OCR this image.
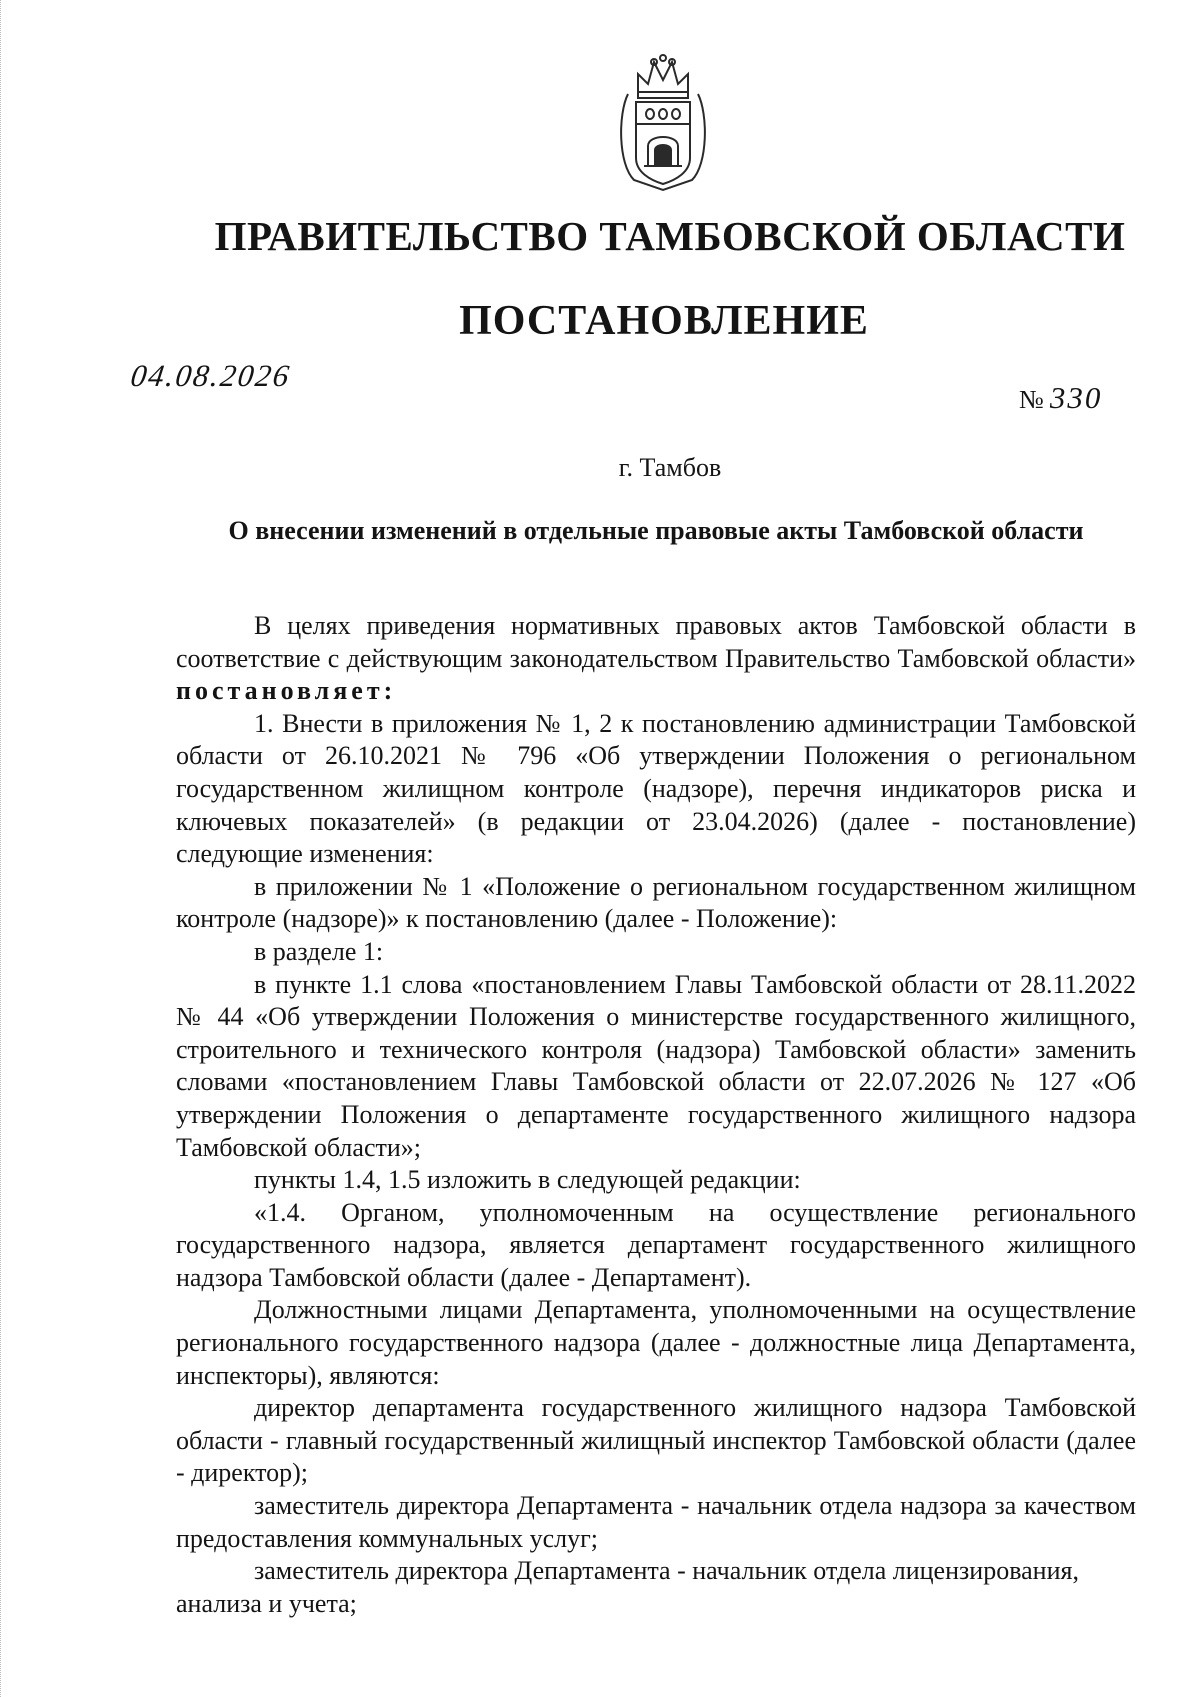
ПРАВИТЕЛЬСТВО ТАМБОВСКОЙ ОБЛАСТИ
ПОСТАНОВЛЕНИЕ
04.08.2026
№ 330
г. Тамбов
О внесении изменений в отдельные правовые акты Тамбовской области

В целях приведения нормативных правовых актов Тамбовской области в соответствие с действующим законодательством Правительство Тамбовской области» постановляет:

1. Внести в приложения № 1, 2 к постановлению администрации Тамбовской области от 26.10.2021 № 796 «Об утверждении Положения о региональном государственном жилищном контроле (надзоре), перечня индикаторов риска и ключевых показателей» (в редакции от 23.04.2026) (далее - постановление) следующие изменения:

в приложении № 1 «Положение о региональном государственном жилищном контроле (надзоре)» к постановлению (далее - Положение):

в разделе 1:

в пункте 1.1 слова «постановлением Главы Тамбовской области от 28.11.2022 № 44 «Об утверждении Положения о министерстве государственного жилищного, строительного и технического контроля (надзора) Тамбовской области» заменить словами «постановлением Главы Тамбовской области от 22.07.2026 № 127 «Об утверждении Положения о департаменте государственного жилищного надзора Тамбовской области»;

пункты 1.4, 1.5 изложить в следующей редакции:

«1.4. Органом, уполномоченным на осуществление регионального государственного надзора, является департамент государственного жилищного надзора Тамбовской области (далее - Департамент).

Должностными лицами Департамента, уполномоченными на осуществление регионального государственного надзора (далее - должностные лица Департамента, инспекторы), являются:

директор департамента государственного жилищного надзора Тамбовской области - главный государственный жилищный инспектор Тамбовской области (далее - директор);

заместитель директора Департамента - начальник отдела надзора за качеством предоставления коммунальных услуг;

заместитель директора Департамента - начальник отдела лицензирования, анализа и учета;
